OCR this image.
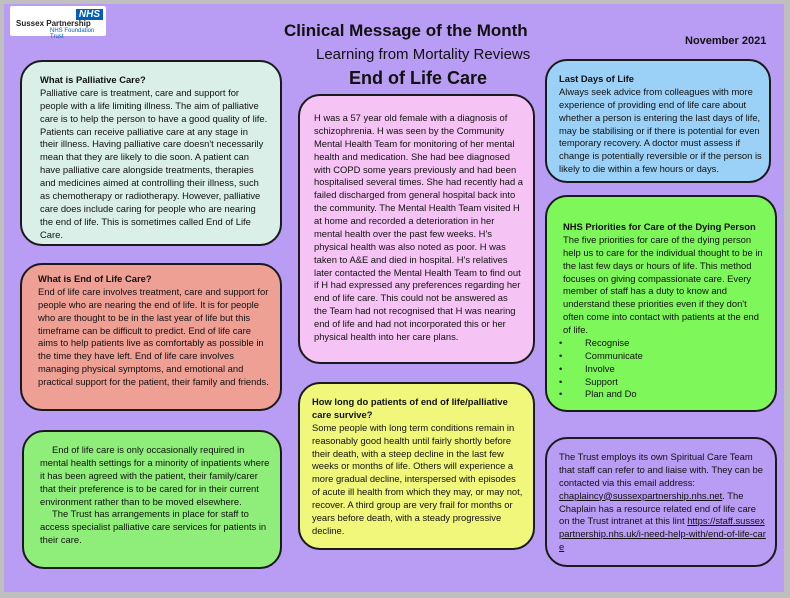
NHS
Sussex Partnership
NHS Foundation Trust	Clinical Message of the Month
Learning from Mortality Reviews
End of Life Care
November 2021
What is Palliative Care?

Palliative care is treatment, care and support for people with a life limiting illness. The aim of palliative care is to help the person to have a good quality of life. Patients can receive palliative care at any stage in their illness. Having palliative care doesn't necessarily mean that they are likely to die soon. A patient can have palliative care alongside treatments, therapies and medicines aimed at controlling their illness, such as chemotherapy or radiotherapy. However, palliative care does include caring for people who are nearing the end of life. This is sometimes called End of Life Care.

What is End of Life Care?

End of life care involves treatment, care and support for people who are nearing the end of life. It is for people who are thought to be in the last year of life but this timeframe can be difficult to predict. End of life care aims to help patients live as comfortably as possible in the time they have left. End of life care involves managing physical symptoms, and emotional and practical support for the patient, their family and friends.

End of life care is only occasionally required in mental health settings for a minority of inpatients where it has been agreed with the patient, their family/carer that their preference is to be cared for in their current environment rather than to be moved elsewhere.

The Trust has arrangements in place for staff to access specialist palliative care services for patients in their care.

H was a 57 year old female with a diagnosis of schizophrenia. H was seen by the Community Mental Health Team for monitoring of her mental health and medication. She had bee diagnosed with COPD some years previously and had been hospitalised several times. She had recently had a failed discharged from general hospital back into the community. The Mental Health Team visited H at home and recorded a deterioration in her mental health over the past few weeks. H's physical health was also noted as poor. H was taken to A&E and died in hospital. H's relatives later contacted the Mental Health Team to find out if H had expressed any preferences regarding her end of life care. This could not be answered as the Team had not recognised that H was nearing end of life and had not incorporated this or her physical health into her care plans.

How long do patients of end of life/palliative care survive?

Some people with long term conditions remain in reasonably good health until fairly shortly before their death, with a steep decline in the last few weeks or months of life. Others will experience a more gradual decline, interspersed with episodes of acute ill health from which they may, or may not, recover. A third group are very frail for months or years before death, with a steady progressive decline.

Last Days of Life

Always seek advice from colleagues with more experience of providing end of life care about whether a person is entering the last days of life, may be stabilising or if there is potential for even temporary recovery. A doctor must assess if change is potentially reversible or if the person is likely to die within a few hours or days.

NHS Priorities for Care of the Dying Person

The five priorities for care of the dying person help us to care for the individual thought to be in the last few days or hours of life. This method focuses on giving compassionate care. Every member of staff has a duty to know and understand these priorities even if they don't often come into contact with patients at the end of life.

• Recognise
• Communicate
• Involve
• Support
• Plan and Do

The Trust employs its own Spiritual Care Team that staff can refer to and liaise with. They can be contacted via this email address: chaplaincy@sussexpartnership.nhs.net. The Chaplain has a resource related end of life care on the Trust intranet at this lint https://staff.sussexpartnership.nhs.uk/i-need-help-with/end-of-life-care
